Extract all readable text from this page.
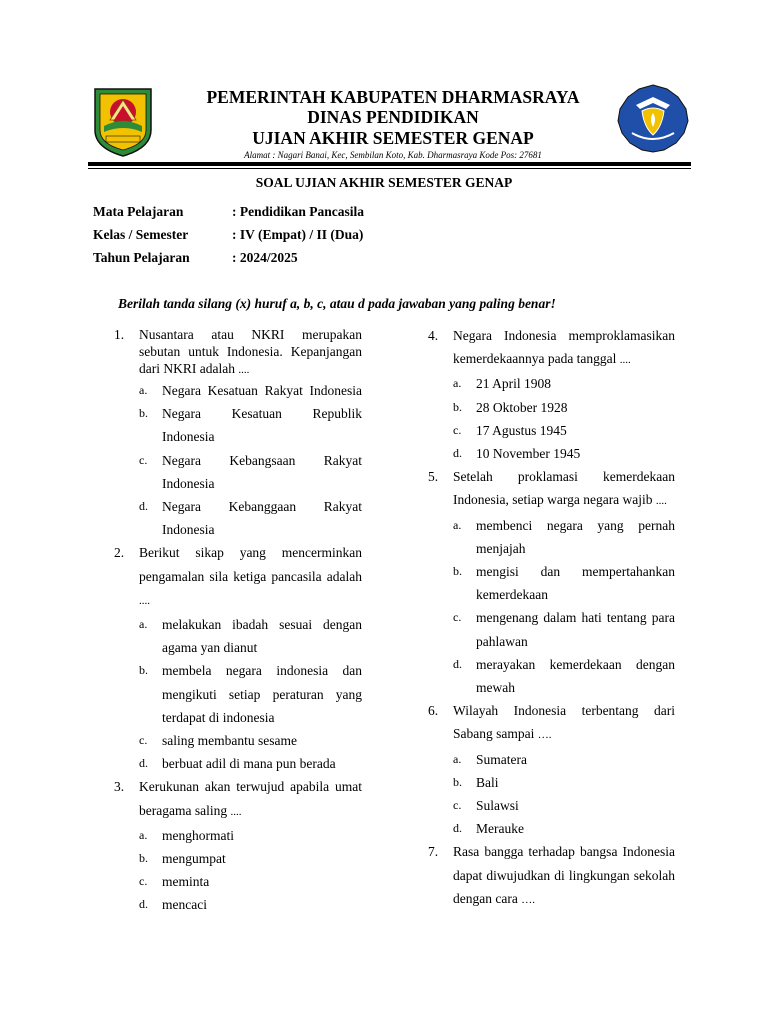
PEMERINTAH KABUPATEN DHARMASRAYA
DINAS PENDIDIKAN
UJIAN AKHIR SEMESTER GENAP
Alamat : Nagari Banai, Kec, Sembilan Koto, Kab. Dharmasraya Kode Pos: 27681
SOAL UJIAN AKHIR SEMESTER GENAP
Mata Pelajaran	: Pendidikan Pancasila
Kelas / Semester	: IV (Empat) / II (Dua)
Tahun Pelajaran	: 2024/2025
Berilah tanda silang (x) huruf a, b, c, atau d pada jawaban yang paling benar!
1.	Nusantara atau NKRI merupakan sebutan untuk Indonesia. Kepanjangan dari NKRI adalah ....
a.	Negara Kesatuan Rakyat Indonesia
b.	Negara Kesatuan Republik Indonesia
c.	Negara Kebangsaan Rakyat Indonesia
d.	Negara Kebanggaan Rakyat Indonesia
2.	Berikut sikap yang mencerminkan pengamalan sila ketiga pancasila adalah ....
a.	melakukan ibadah sesuai dengan agama yan dianut
b.	membela negara indonesia dan mengikuti setiap peraturan yang terdapat di indonesia
c.	saling membantu sesame
d.	berbuat adil di mana pun berada
3.	Kerukunan akan terwujud apabila umat beragama saling ....
a.	menghormati
b.	mengumpat
c.	meminta
d.	mencaci
4.	Negara Indonesia memproklamasikan kemerdekaannya pada tanggal ....
a.	21 April 1908
b.	28 Oktober 1928
c.	17 Agustus 1945
d.	10 November 1945
5.	Setelah proklamasi kemerdekaan Indonesia, setiap warga negara wajib ....
a.	membenci negara yang pernah menjajah
b.	mengisi dan mempertahankan kemerdekaan
c.	mengenang dalam hati tentang para pahlawan
d.	merayakan kemerdekaan dengan mewah
6.	Wilayah Indonesia terbentang dari Sabang sampai ….
a.	Sumatera
b.	Bali
c.	Sulawsi
d.	Merauke
7.	Rasa bangga terhadap bangsa Indonesia dapat diwujudkan di lingkungan sekolah dengan cara ….
